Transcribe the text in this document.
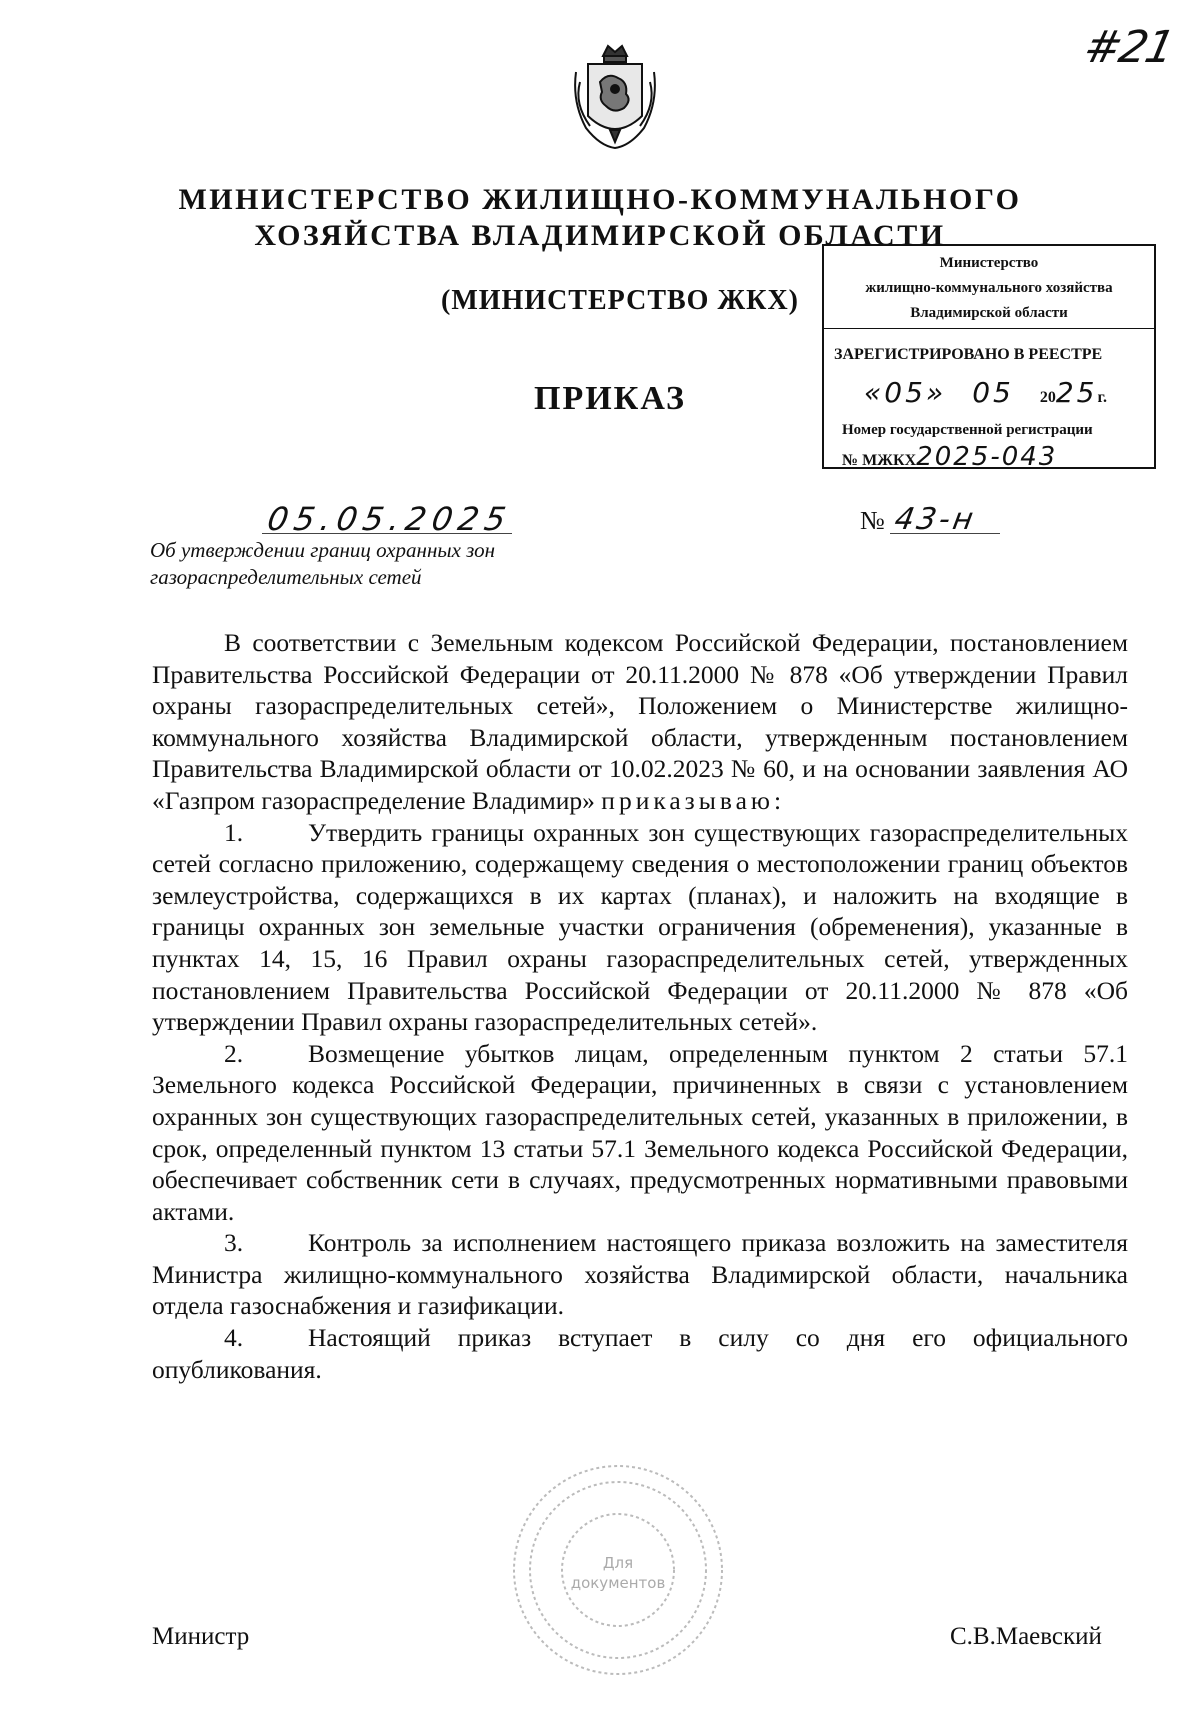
#21
МИНИСТЕРСТВО ЖИЛИЩНО-КОММУНАЛЬНОГО
ХОЗЯЙСТВА ВЛАДИМИРСКОЙ ОБЛАСТИ
(МИНИСТЕРСТВО ЖКХ)
ПРИКАЗ
Министерство
жилищно-коммунального хозяйства
Владимирской области
ЗАРЕГИСТРИРОВАНО В РЕЕСТРЕ
«05» 05 2025г.
Номер государственной регистрации
№ МЖКХ2025-043
05.05.2025	№ 43-н
Об утверждении границ охранных зон
газораспределительных сетей

В соответствии с Земельным кодексом Российской Федерации, постановлением Правительства Российской Федерации от 20.11.2000 № 878 «Об утверждении Правил охраны газораспределительных сетей», Положением о Министерстве жилищно-коммунального хозяйства Владимирской области, утвержденным постановлением Правительства Владимирской области от 10.02.2023 № 60, и на основании заявления АО «Газпром газораспределение Владимир» приказываю:

1.	Утвердить границы охранных зон существующих газораспределительных сетей согласно приложению, содержащему сведения о местоположении границ объектов землеустройства, содержащихся в их картах (планах), и наложить на входящие в границы охранных зон земельные участки ограничения (обременения), указанные в пунктах 14, 15, 16 Правил охраны газораспределительных сетей, утвержденных постановлением Правительства Российской Федерации от 20.11.2000 № 878 «Об утверждении Правил охраны газораспределительных сетей».

2.	Возмещение убытков лицам, определенным пунктом 2 статьи 57.1 Земельного кодекса Российской Федерации, причиненных в связи с установлением охранных зон существующих газораспределительных сетей, указанных в приложении, в срок, определенный пунктом 13 статьи 57.1 Земельного кодекса Российской Федерации, обеспечивает собственник сети в случаях, предусмотренных нормативными правовыми актами.

3.	Контроль за исполнением настоящего приказа возложить на заместителя Министра жилищно-коммунального хозяйства Владимирской области, начальника отдела газоснабжения и газификации.

4.	Настоящий приказ вступает в силу со дня его официального опубликования.

Для
документов
Министр	С.В.Маевский
